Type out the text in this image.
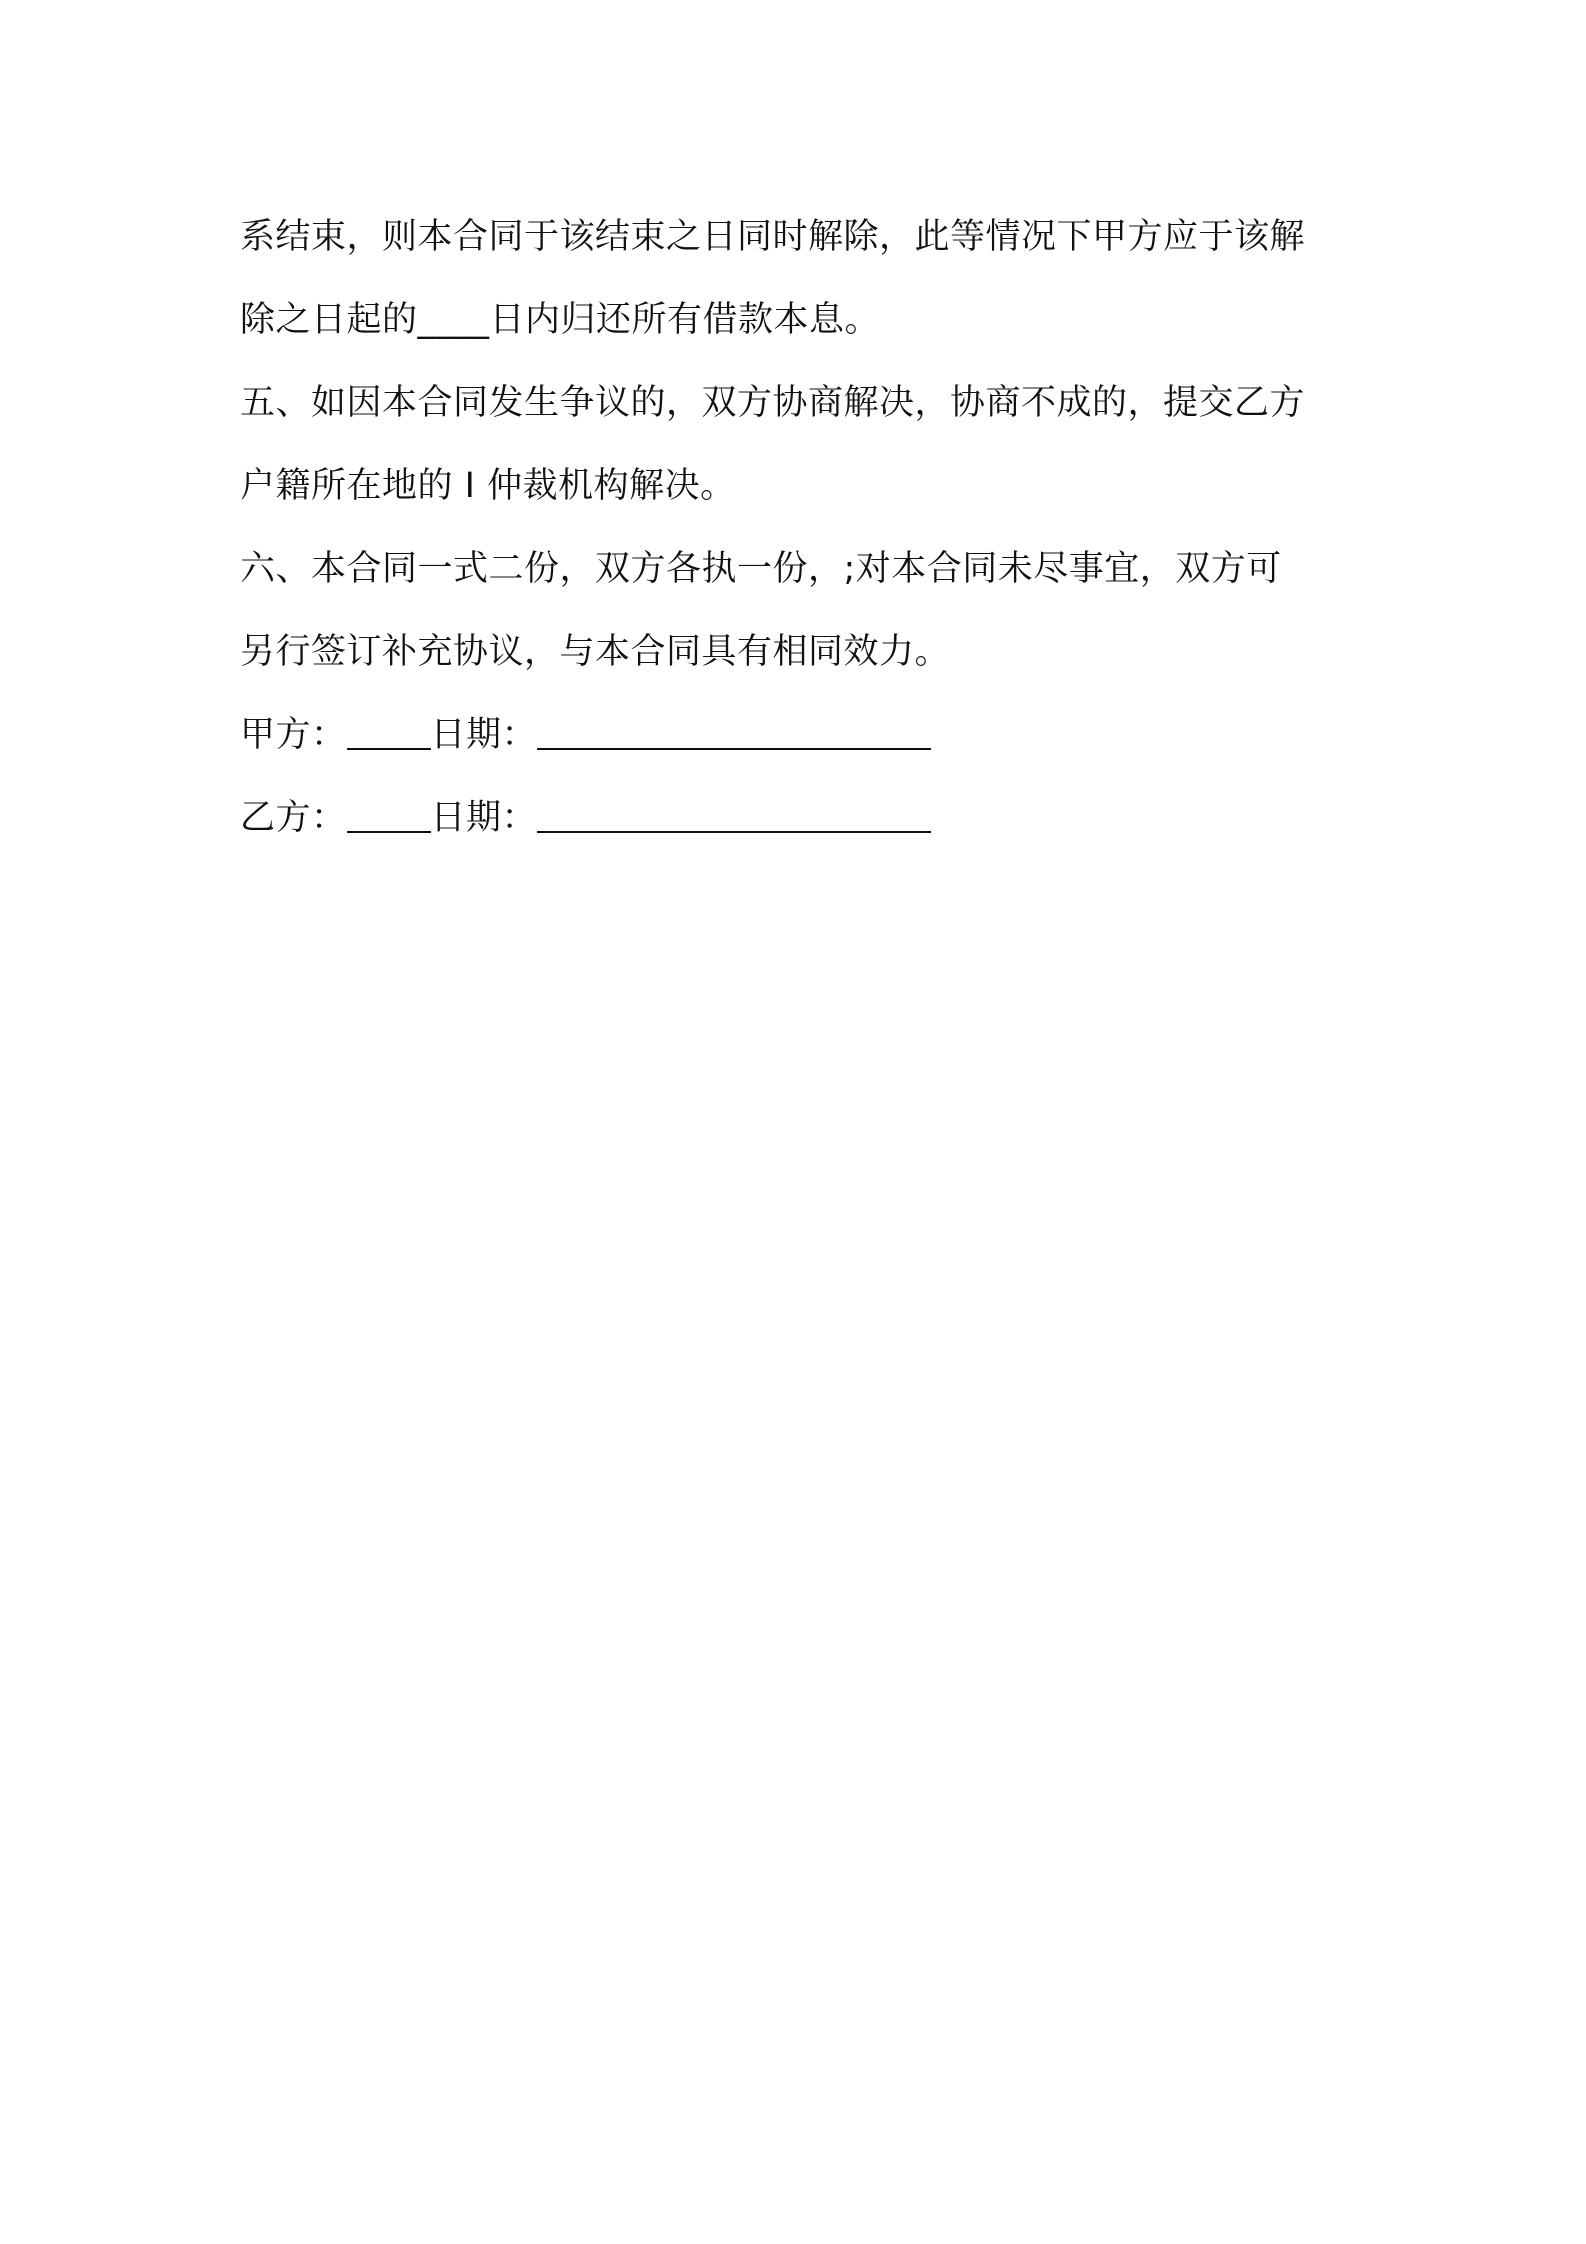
系结束，则本合同于该结束之日同时解除，此等情况下甲方应于该解
除之日起的____日内归还所有借款本息。
五、如因本合同发生争议的，双方协商解决，协商不成的，提交乙方
户籍所在地的 I 仲裁机构解决。
六、本合同一式二份，双方各执一份，;对本合同未尽事宜，双方可
另行签订补充协议，与本合同具有相同效力。
甲方： 日期：
乙方： 日期：
